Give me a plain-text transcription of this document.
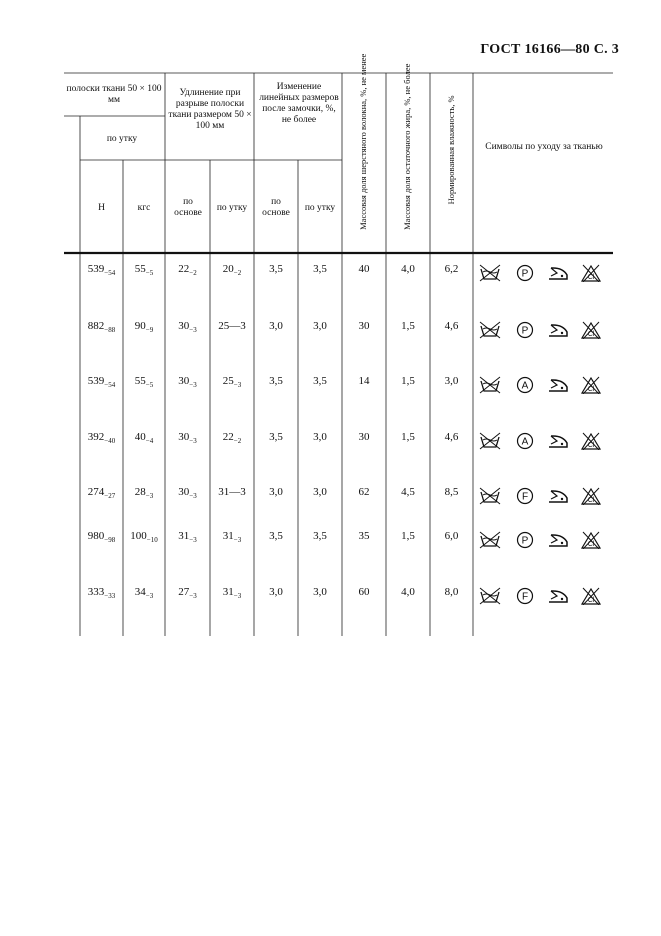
ГОСТ 16166—80 С. 3
полоски ткани 50 × 100 мм
по утку
Удлинение при разрыве полоски ткани размером 50 × 100 мм
Изменение линейных размеров после замочки, %, не более	Массовая доля шерстяного волокна, %, не менее	Массовая доля остаточного жира, %, не более	Нормированная влажность, %	Символы по уходу за тканью
Н	кгс
по основе	по утку
по основе	по утку
$539_{-54}$	$55_{-5}$	$22_{-2}$	$20_{-2}$	3,5	3,5	40	4,0	6,2	P	Cl
$882_{-88}$	$90_{-9}$	$30_{-3}$	25—3	3,0	3,0	30	1,5	4,6	P	Cl
$539_{-54}$	$55_{-5}$	$30_{-3}$	$25_{-3}$	3,5	3,5	14	1,5	3,0	A	Cl
$392_{-40}$	$40_{-4}$	$30_{-3}$	$22_{-2}$	3,5	3,0	30	1,5	4,6	A	Cl
$274_{-27}$	$28_{-3}$	$30_{-3}$	31—3	3,0	3,0	62	4,5	8,5	F	Cl
$980_{-98}$	$100_{-10}$	$31_{-3}$	$31_{-3}$	3,5	3,5	35	1,5	6,0	P	Cl
$333_{-33}$	$34_{-3}$	$27_{-3}$	$31_{-3}$	3,0	3,0	60	4,0	8,0	F	Cl
